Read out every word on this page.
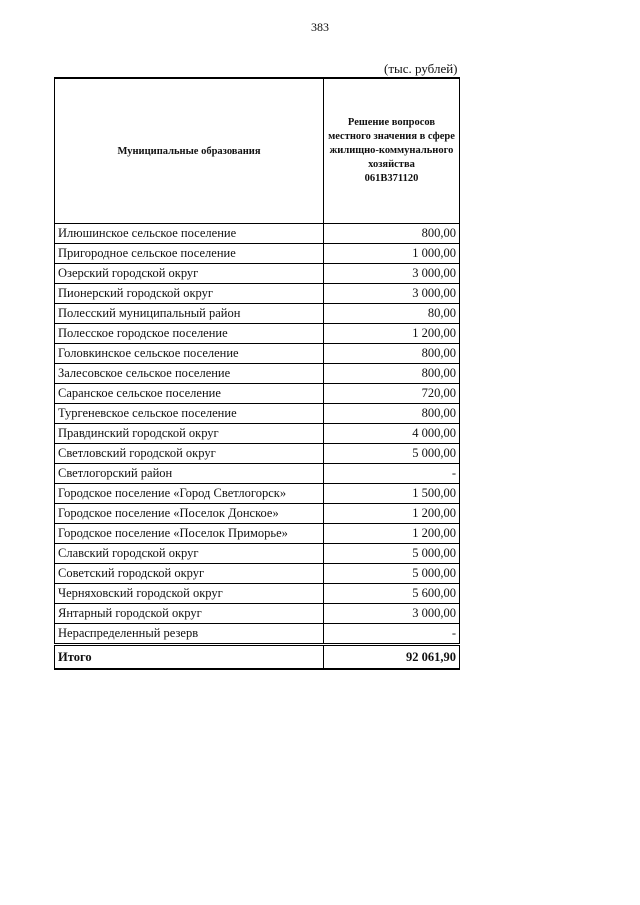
383
(тыс. рублей)
Муниципальные образования	Решение вопросов местного значения в сфере жилищно-коммунального хозяйства
061В371120

Илюшинское сельское поселение	800,00
Пригородное сельское поселение	1 000,00
Озерский городской округ	3 000,00
Пионерский городской округ	3 000,00
Полесский муниципальный район	80,00
Полесское городское поселение	1 200,00
Головкинское сельское поселение	800,00
Залесовское сельское поселение	800,00
Саранское сельское поселение	720,00
Тургеневское сельское поселение	800,00
Правдинский городской округ	4 000,00
Светловский городской округ	5 000,00
Светлогорский район	-
Городское поселение «Город Светлогорск»	1 500,00
Городское поселение «Поселок Донское»	1 200,00
Городское поселение «Поселок Приморье»	1 200,00
Славский городской округ	5 000,00
Советский городской округ	5 000,00
Черняховский городской округ	5 600,00
Янтарный городской округ	3 000,00
Нераспределенный резерв	-
Итого	92 061,90
